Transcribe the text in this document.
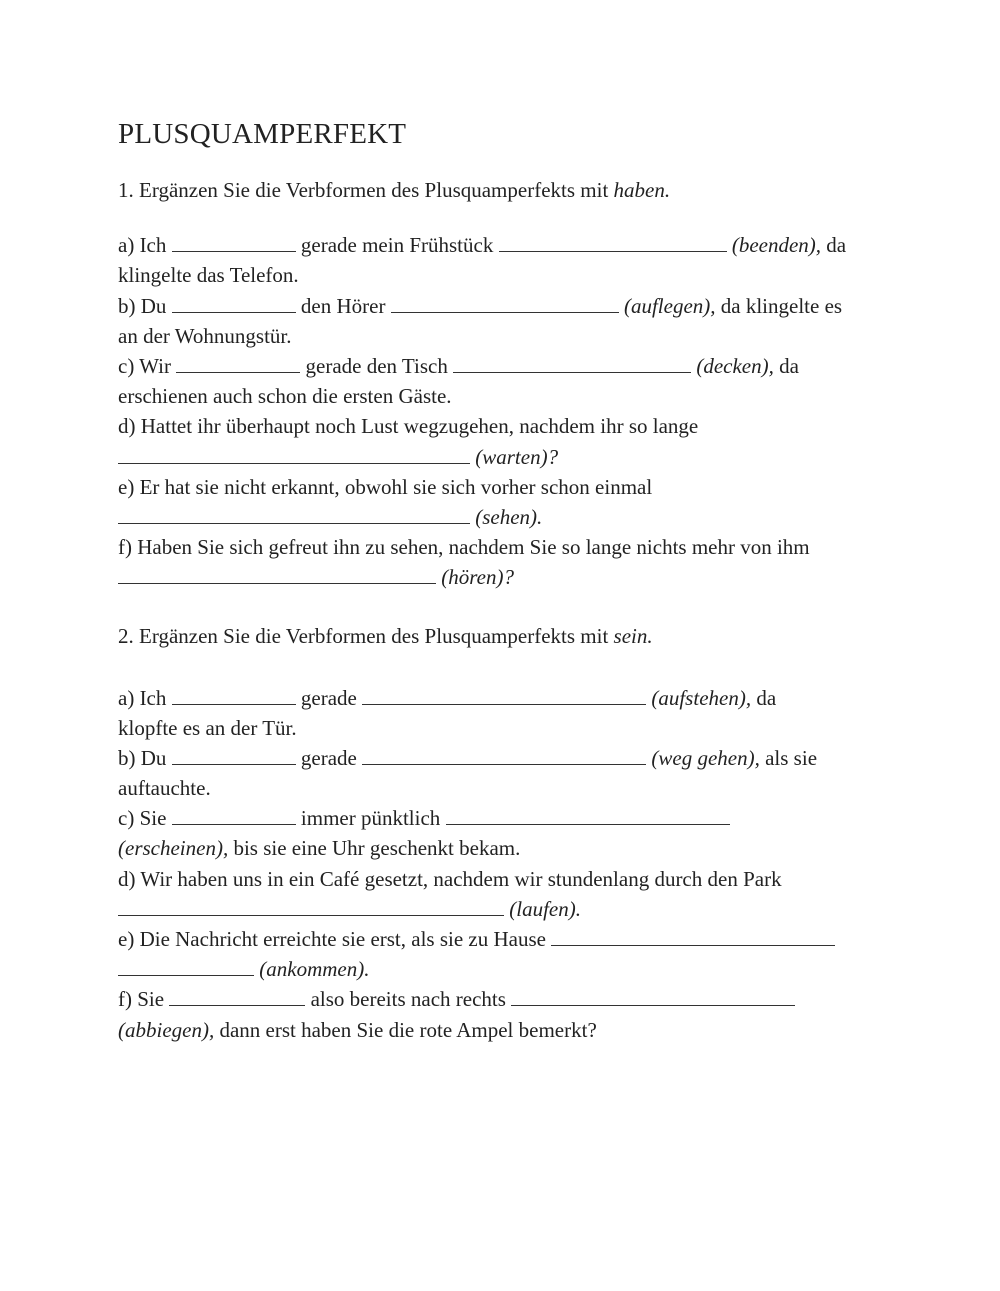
PLUSQUAMPERFEKT

1. Ergänzen Sie die Verbformen des Plusquamperfekts mit haben.

a) Ich	gerade mein Frühstück	(beenden), da
klingelte das Telefon.
b) Du	den Hörer	(auflegen), da klingelte es
an der Wohnungstür.
c) Wir	gerade den Tisch	(decken), da
erschienen auch schon die ersten Gäste.
d) Hattet ihr überhaupt noch Lust wegzugehen, nachdem ihr so lange
(warten)?
e) Er hat sie nicht erkannt, obwohl sie sich vorher schon einmal
(sehen).
f) Haben Sie sich gefreut ihn zu sehen, nachdem Sie so lange nichts mehr von ihm
(hören)?

2. Ergänzen Sie die Verbformen des Plusquamperfekts mit sein.

a) Ich	gerade	(aufstehen), da
klopfte es an der Tür.
b) Du	gerade	(weg gehen), als sie
auftauchte.
c) Sie	immer pünktlich
(erscheinen), bis sie eine Uhr geschenkt bekam.
d) Wir haben uns in ein Café gesetzt, nachdem wir stundenlang durch den Park
(laufen).
e) Die Nachricht erreichte sie erst, als sie zu Hause
(ankommen).
f) Sie	also bereits nach rechts
(abbiegen), dann erst haben Sie die rote Ampel bemerkt?
